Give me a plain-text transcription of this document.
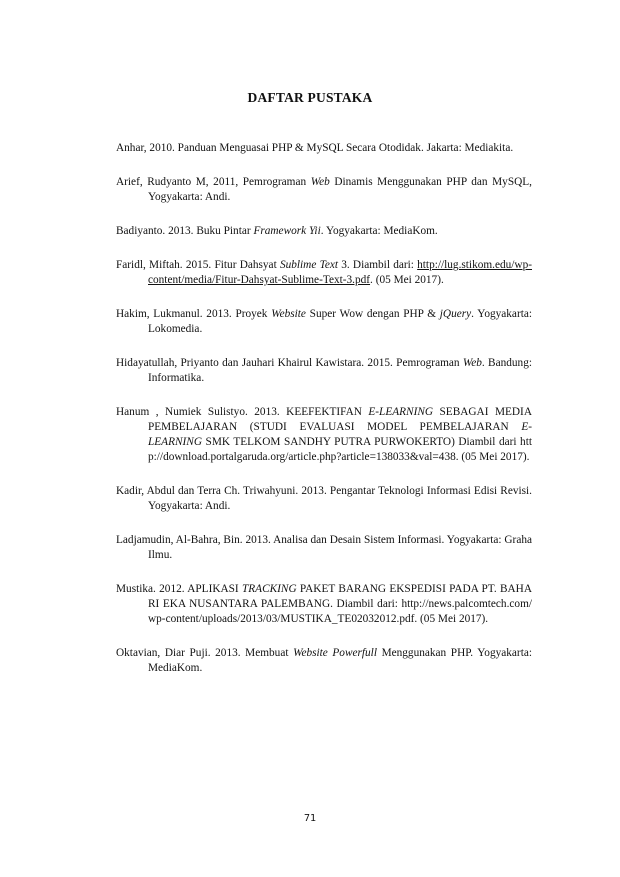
DAFTAR PUSTAKA

Anhar, 2010. Panduan Menguasai PHP & MySQL Secara Otodidak. Jakarta: Mediakita.

Arief, Rudyanto M, 2011, Pemrograman Web Dinamis Menggunakan PHP dan MySQL, Yogyakarta: Andi.

Badiyanto. 2013. Buku Pintar Framework Yii. Yogyakarta: MediaKom.

Faridl, Miftah. 2015. Fitur Dahsyat Sublime Text 3. Diambil dari: http://lug.stikom.edu/wp-content/media/Fitur-Dahsyat-Sublime-Text-3.pdf. (05 Mei 2017).

Hakim, Lukmanul. 2013. Proyek Website Super Wow dengan PHP & jQuery. Yogyakarta: Lokomedia.

Hidayatullah, Priyanto dan Jauhari Khairul Kawistara. 2015. Pemrograman Web. Bandung: Informatika.

Hanum , Numiek Sulistyo. 2013. KEEFEKTIFAN E-LEARNING SEBAGAI MEDIA PEMBELAJARAN (STUDI EVALUASI MODEL PEMBELAJARAN E-LEARNING SMK TELKOM SANDHY PUTRA PURWOKERTO) Diambil dari http://download.portalgaruda.org/article.php?article=138033&val=438. (05 Mei 2017).

Kadir, Abdul dan Terra Ch. Triwahyuni. 2013. Pengantar Teknologi Informasi Edisi Revisi. Yogyakarta: Andi.

Ladjamudin, Al-Bahra, Bin. 2013. Analisa dan Desain Sistem Informasi. Yogyakarta: Graha Ilmu.

Mustika. 2012. APLIKASI TRACKING PAKET BARANG EKSPEDISI PADA PT. BAHARI EKA NUSANTARA PALEMBANG. Diambil dari: http://news.palcomtech.com/wp-content/uploads/2013/03/MUSTIKA_TE02032012.pdf. (05 Mei 2017).

Oktavian, Diar Puji. 2013. Membuat Website Powerfull Menggunakan PHP. Yogyakarta: MediaKom.

71
